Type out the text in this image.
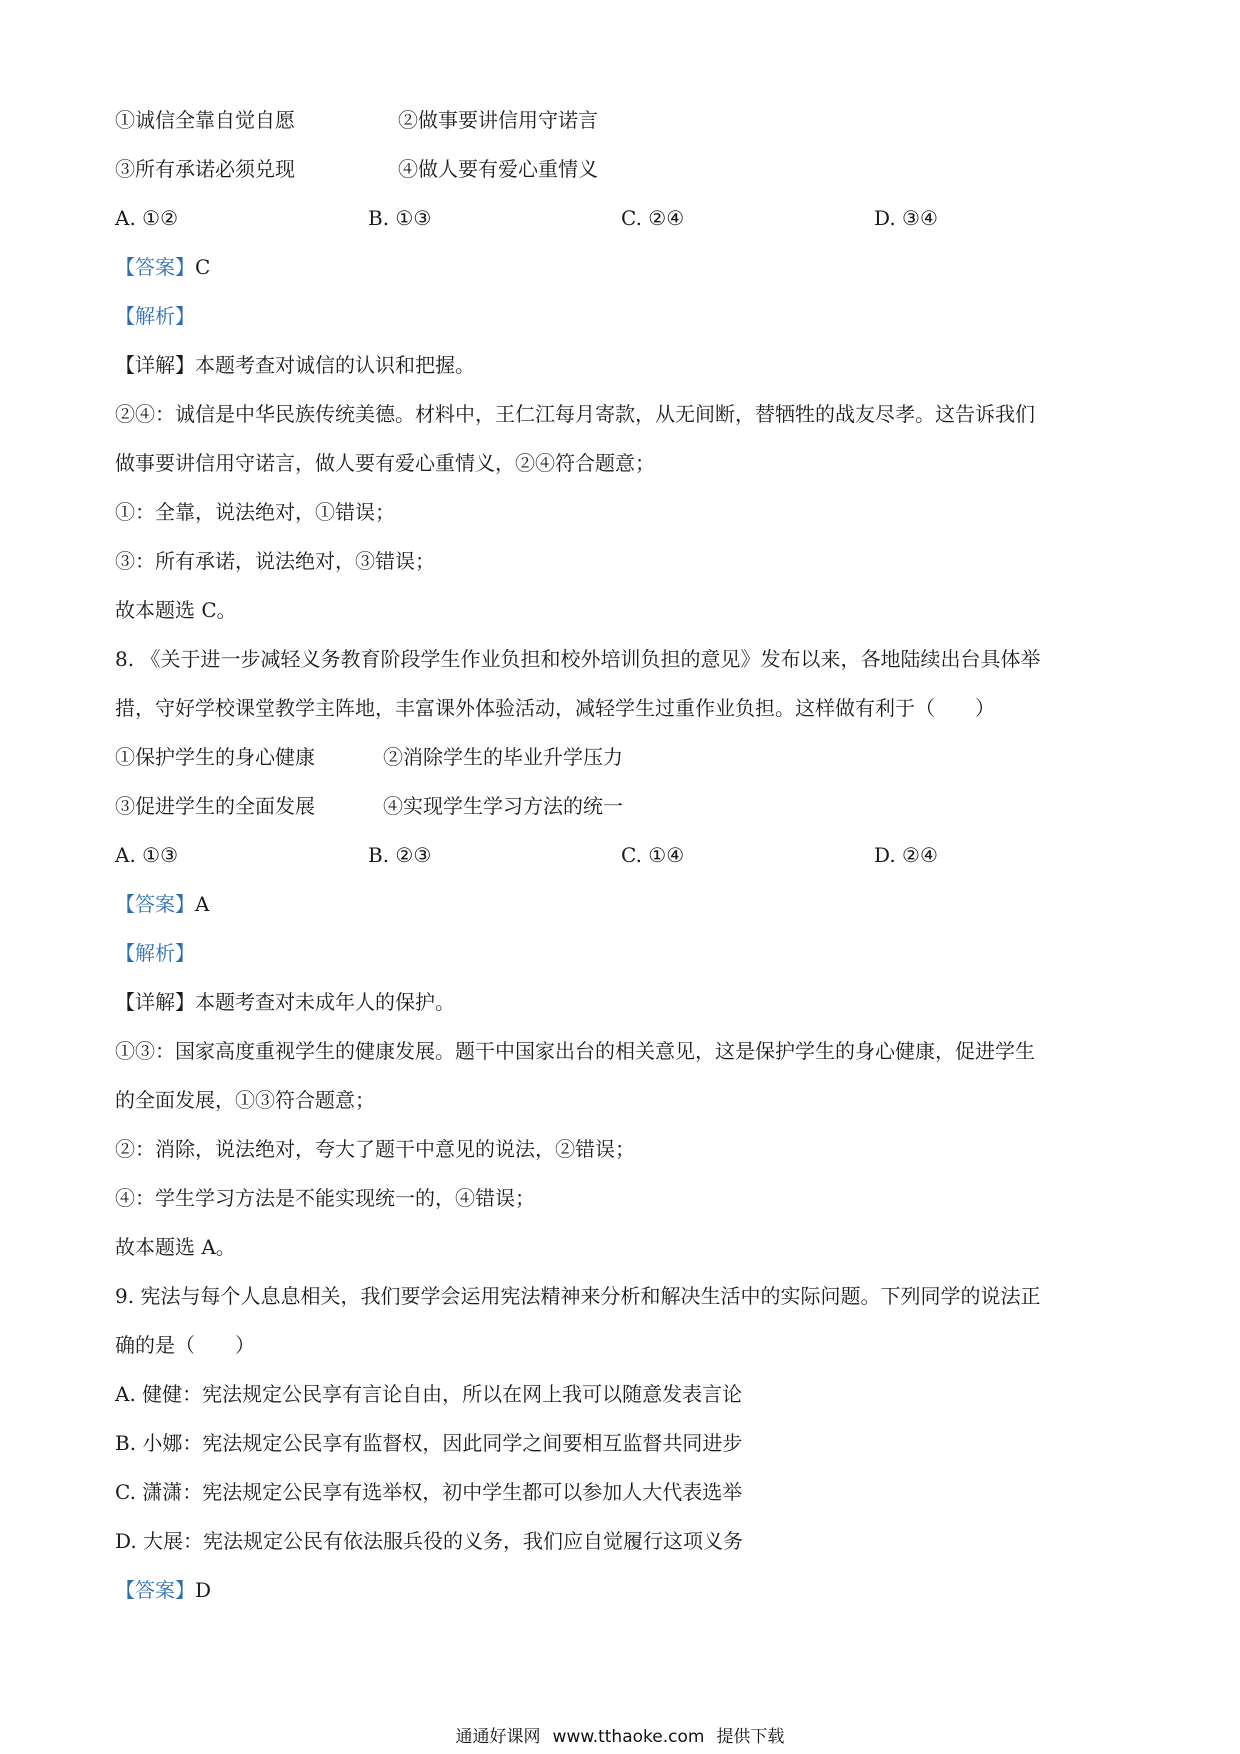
①诚信全靠自觉自愿	②做事要讲信用守诺言
③所有承诺必须兑现	④做人要有爱心重情义
A. ①②	B. ①③	C. ②④	D. ③④
【答案】C
【解析】
【详解】本题考查对诚信的认识和把握。
②④：诚信是中华民族传统美德。材料中，王仁江每月寄款，从无间断，替牺牲的战友尽孝。这告诉我们
做事要讲信用守诺言，做人要有爱心重情义，②④符合题意；
①：全靠，说法绝对，①错误；
③：所有承诺，说法绝对，③错误；
故本题选 C。
8. 《关于进一步减轻义务教育阶段学生作业负担和校外培训负担的意见》发布以来，各地陆续出台具体举
措，守好学校课堂教学主阵地，丰富课外体验活动，减轻学生过重作业负担。这样做有利于（　　）
①保护学生的身心健康	②消除学生的毕业升学压力
③促进学生的全面发展	④实现学生学习方法的统一
A. ①③	B. ②③	C. ①④	D. ②④
【答案】A
【解析】
【详解】本题考查对未成年人的保护。
①③：国家高度重视学生的健康发展。题干中国家出台的相关意见，这是保护学生的身心健康，促进学生
的全面发展，①③符合题意；
②：消除，说法绝对，夸大了题干中意见的说法，②错误；
④：学生学习方法是不能实现统一的，④错误；
故本题选 A。
9. 宪法与每个人息息相关，我们要学会运用宪法精神来分析和解决生活中的实际问题。下列同学的说法正
确的是（　　）
A. 健健：宪法规定公民享有言论自由，所以在网上我可以随意发表言论
B. 小娜：宪法规定公民享有监督权，因此同学之间要相互监督共同进步
C. 潇潇：宪法规定公民享有选举权，初中学生都可以参加人大代表选举
D. 大展：宪法规定公民有依法服兵役的义务，我们应自觉履行这项义务
【答案】D
通通好课网 www.tthaoke.com 提供下载
